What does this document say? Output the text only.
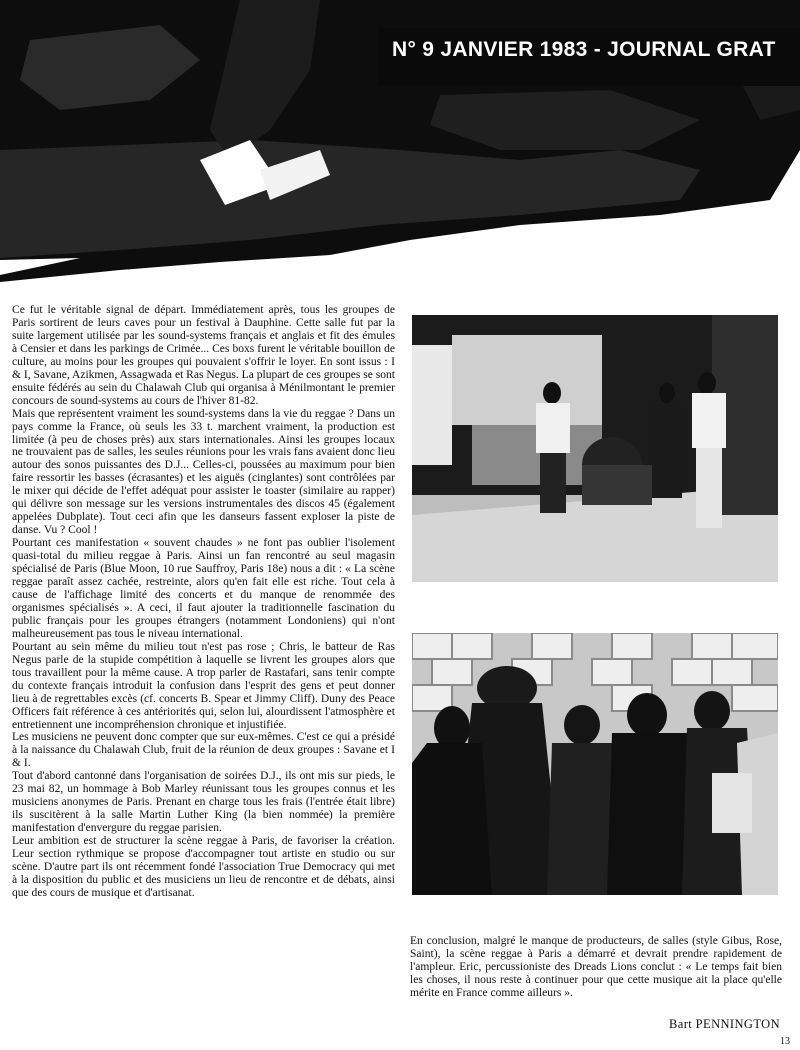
N° 9 JANVIER 1983 - JOURNAL GRAT

Ce fut le véritable signal de départ. Immédiatement après, tous les groupes de Paris sortirent de leurs caves pour un festival à Dauphine. Cette salle fut par la suite largement utilisée par les sound-systems français et anglais et fit des émules à Censier et dans les parkings de Crimée... Ces boxs furent le véritable bouillon de culture, au moins pour les groupes qui pouvaient s'offrir le loyer. En sont issus : I & I, Savane, Azikmen, Assagwada et Ras Negus. La plupart de ces groupes se sont ensuite fédérés au sein du Chalawah Club qui organisa à Ménilmontant le premier concours de sound-systems au cours de l'hiver 81-82.

Mais que représentent vraiment les sound-systems dans la vie du reggae ? Dans un pays comme la France, où seuls les 33 t. marchent vraiment, la production est limitée (à peu de choses près) aux stars internationales. Ainsi les groupes locaux ne trouvaient pas de salles, les seules réunions pour les vrais fans avaient donc lieu autour des sonos puissantes des D.J... Celles-ci, poussées au maximum pour bien faire ressortir les basses (écrasantes) et les aiguës (cinglantes) sont contrôlées par le mixer qui décide de l'effet adéquat pour assister le toaster (similaire au rapper) qui délivre son message sur les versions instrumentales des discos 45 (également appelées Dubplate). Tout ceci afin que les danseurs fassent exploser la piste de danse. Vu ? Cool !

Pourtant ces manifestation « souvent chaudes » ne font pas oublier l'isolement quasi-total du milieu reggae à Paris. Ainsi un fan rencontré au seul magasin spécialisé de Paris (Blue Moon, 10 rue Sauffroy, Paris 18e) nous a dit : « La scène reggae paraît assez cachée, restreinte, alors qu'en fait elle est riche. Tout cela à cause de l'affichage limité des concerts et du manque de renommée des organismes spécialisés ». A ceci, il faut ajouter la traditionnelle fascination du public français pour les groupes étrangers (notamment Londoniens) qui n'ont malheureusement pas tous le niveau international.

Pourtant au sein même du milieu tout n'est pas rose ; Chris, le batteur de Ras Negus parle de la stupide compétition à laquelle se livrent les groupes alors que tous travaillent pour la même cause. A trop parler de Rastafari, sans tenir compte du contexte français introduit la confusion dans l'esprit des gens et peut donner lieu à de regrettables excès (cf. concerts B. Spear et Jimmy Cliff). Duny des Peace Officers fait référence à ces antériorités qui, selon lui, alourdissent l'atmosphère et entretiennent une incompréhension chronique et injustifiée.

Les musiciens ne peuvent donc compter que sur eux-mêmes. C'est ce qui a présidé à la naissance du Chalawah Club, fruit de la réunion de deux groupes : Savane et I & I.

Tout d'abord cantonné dans l'organisation de soirées D.J., ils ont mis sur pieds, le 23 mai 82, un hommage à Bob Marley réunissant tous les groupes connus et les musiciens anonymes de Paris. Prenant en charge tous les frais (l'entrée était libre) ils suscitèrent à la salle Martin Luther King (la bien nommée) la première manifestation d'envergure du reggae parisien.

Leur ambition est de structurer la scène reggae à Paris, de favoriser la création. Leur section rythmique se propose d'accompagner tout artiste en studio ou sur scène. D'autre part ils ont récemment fondé l'association True Democracy qui met à la disposition du public et des musiciens un lieu de rencontre et de débats, ainsi que des cours de musique et d'artisanat.

En conclusion, malgré le manque de producteurs, de salles (style Gibus, Rose, Saint), la scène reggae à Paris a démarré et devrait prendre rapidement de l'ampleur. Eric, percussioniste des Dreads Lions conclut : « Le temps fait bien les choses, il nous reste à continuer pour que cette musique ait la place qu'elle mérite en France comme ailleurs ».

Bart PENNINGTON
13
